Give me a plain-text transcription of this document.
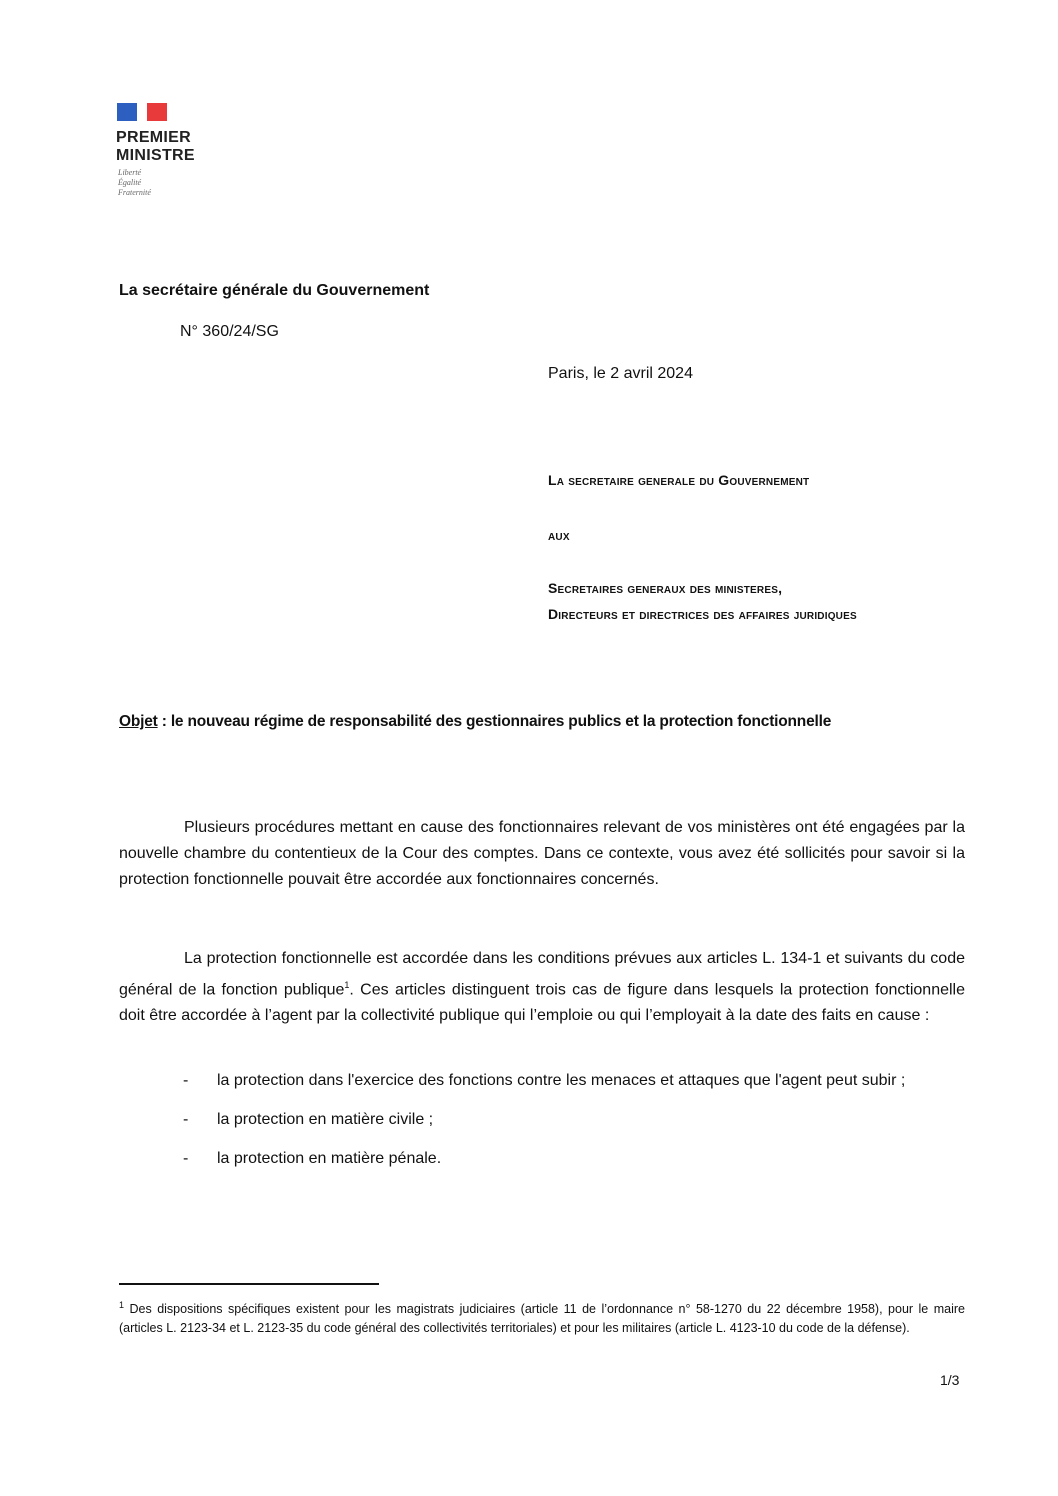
PREMIER
MINISTRE
Liberté
Égalité
Fraternité
La secrétaire générale du Gouvernement
N° 360/24/SG
Paris, le 2 avril 2024
La secretaire generale du Gouvernement
aux
Secretaires generaux des ministeres,
Directeurs et directrices des affaires juridiques
Objet : le nouveau régime de responsabilité des gestionnaires publics et la protection fonctionnelle
Plusieurs procédures mettant en cause des fonctionnaires relevant de vos ministères ont été engagées par la nouvelle chambre du contentieux de la Cour des comptes. Dans ce contexte, vous avez été sollicités pour savoir si la protection fonctionnelle pouvait être accordée aux fonctionnaires concernés.
La protection fonctionnelle est accordée dans les conditions prévues aux articles L. 134-1 et suivants du code général de la fonction publique$^1$. Ces articles distinguent trois cas de figure dans lesquels la protection fonctionnelle doit être accordée à l’agent par la collectivité publique qui l’emploie ou qui l’employait à la date des faits en cause :
- la protection dans l'exercice des fonctions contre les menaces et attaques que l'agent peut subir ;
- la protection en matière civile ;
- la protection en matière pénale.
$^1$ Des dispositions spécifiques existent pour les magistrats judiciaires (article 11 de l’ordonnance n° 58-1270 du 22 décembre 1958), pour le maire (articles L. 2123-34 et L. 2123-35 du code général des collectivités territoriales) et pour les militaires (article L. 4123-10 du code de la défense).
1/3
